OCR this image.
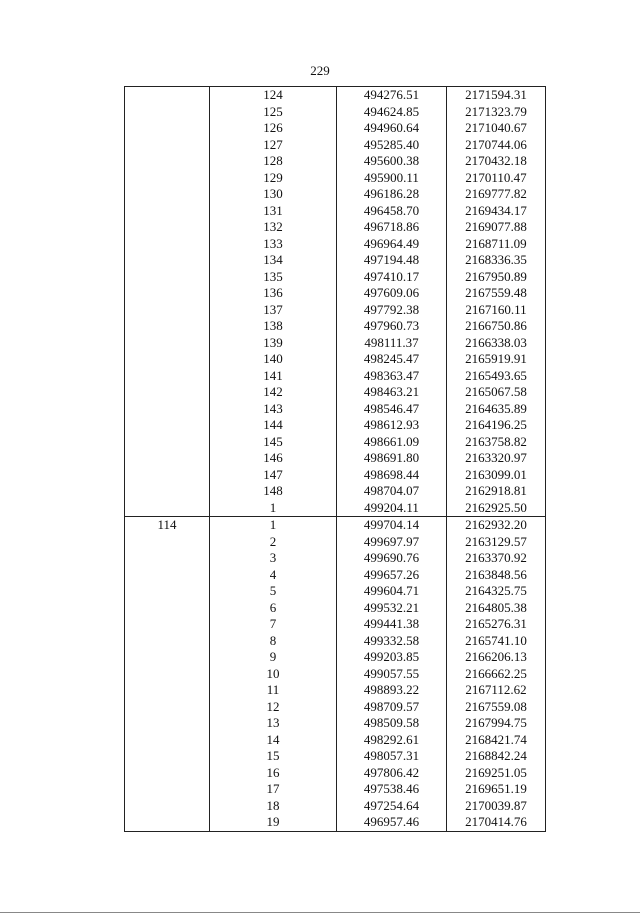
229
	124	494276.51	2171594.31
	125	494624.85	2171323.79
	126	494960.64	2171040.67
	127	495285.40	2170744.06
	128	495600.38	2170432.18
	129	495900.11	2170110.47
	130	496186.28	2169777.82
	131	496458.70	2169434.17
	132	496718.86	2169077.88
	133	496964.49	2168711.09
	134	497194.48	2168336.35
	135	497410.17	2167950.89
	136	497609.06	2167559.48
	137	497792.38	2167160.11
	138	497960.73	2166750.86
	139	498111.37	2166338.03
	140	498245.47	2165919.91
	141	498363.47	2165493.65
	142	498463.21	2165067.58
	143	498546.47	2164635.89
	144	498612.93	2164196.25
	145	498661.09	2163758.82
	146	498691.80	2163320.97
	147	498698.44	2163099.01
	148	498704.07	2162918.81
	1	499204.11	2162925.50
114	1	499704.14	2162932.20
	2	499697.97	2163129.57
	3	499690.76	2163370.92
	4	499657.26	2163848.56
	5	499604.71	2164325.75
	6	499532.21	2164805.38
	7	499441.38	2165276.31
	8	499332.58	2165741.10
	9	499203.85	2166206.13
	10	499057.55	2166662.25
	11	498893.22	2167112.62
	12	498709.57	2167559.08
	13	498509.58	2167994.75
	14	498292.61	2168421.74
	15	498057.31	2168842.24
	16	497806.42	2169251.05
	17	497538.46	2169651.19
	18	497254.64	2170039.87
	19	496957.46	2170414.76
